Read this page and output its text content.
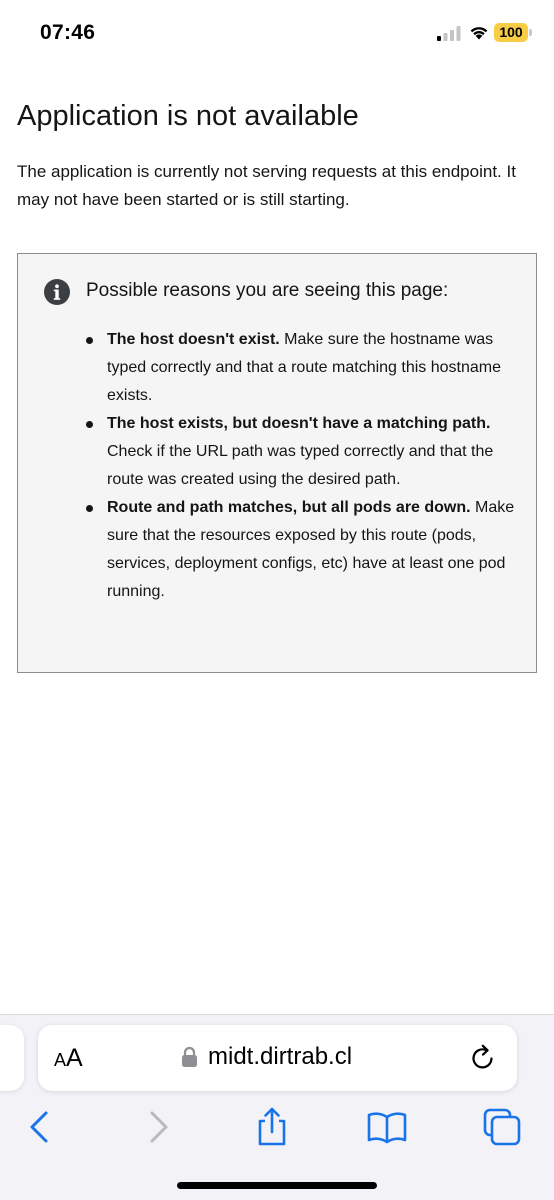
07:46	100
Application is not available

The application is currently not serving requests at this endpoint. It may not have been started or is still starting.

Possible reasons you are seeing this page:
The host doesn't exist. Make sure the hostname was typed correctly and that a route matching this hostname exists.
The host exists, but doesn't have a matching path. Check if the URL path was typed correctly and that the route was created using the desired path.
Route and path matches, but all pods are down. Make sure that the resources exposed by this route (pods, services, deployment configs, etc) have at least one pod running.
AA	midt.dirtrab.cl
